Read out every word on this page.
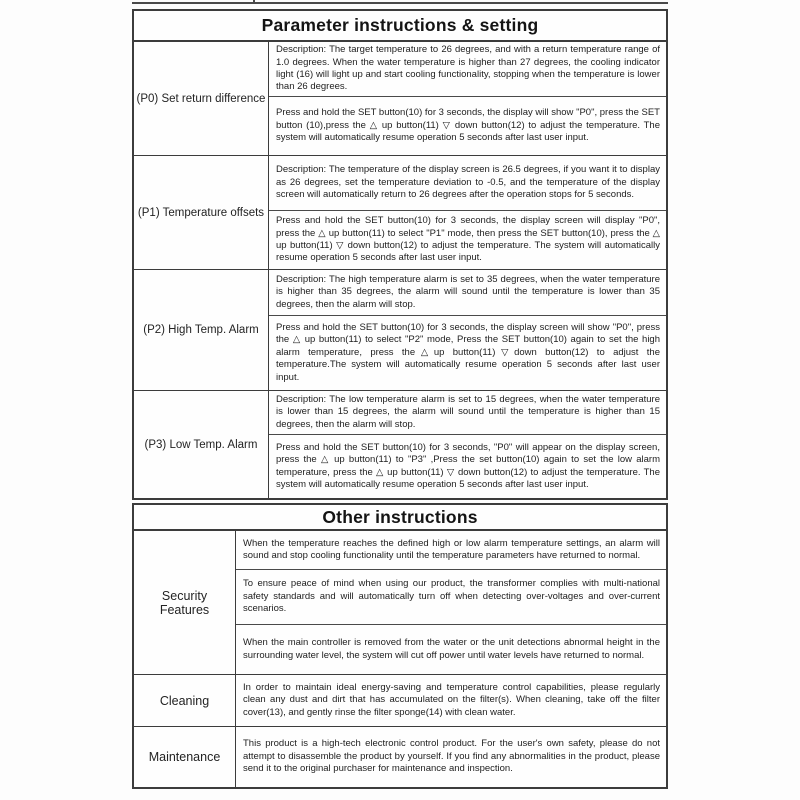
Parameter instructions & setting
(P0) Set return difference

Description: The target temperature to 26 degrees, and with a return temperature range of 1.0 degrees. When the water temperature is higher than 27 degrees, the cooling indicator light (16) will light up and start cooling functionality, stopping when the temperature is lower than 26 degrees.

Press and hold the SET button(10) for 3 seconds, the display will show "P0", press the SET button (10),press the △ up button(11) ▽ down button(12) to adjust the temperature. The system will automatically resume operation 5 seconds after last user input.

(P1) Temperature offsets

Description: The temperature of the display screen is 26.5 degrees, if you want it to display as 26 degrees, set the temperature deviation to -0.5, and the temperature of the display screen will automatically return to 26 degrees after the operation stops for 5 seconds.

Press and hold the SET button(10) for 3 seconds, the display screen will display "P0", press the △ up button(11) to select "P1" mode, then press the SET button(10), press the △ up button(11) ▽ down button(12) to adjust the temperature. The system will automatically resume operation 5 seconds after last user input.

(P2) High Temp. Alarm

Description: The high temperature alarm is set to 35 degrees, when the water temperature is higher than 35 degrees, the alarm will sound until the temperature is lower than 35 degrees, then the alarm will stop.

Press and hold the SET button(10) for 3 seconds, the display screen will show "P0", press the △ up button(11) to select "P2" mode, Press the SET button(10) again to set the high alarm temperature, press the△up button(11)▽down button(12) to adjust the temperature.The system will automatically resume operation 5 seconds after last user input.

(P3) Low Temp. Alarm

Description: The low temperature alarm is set to 15 degrees, when the water temperature is lower than 15 degrees, the alarm will sound until the temperature is higher than 15 degrees, then the alarm will stop.

Press and hold the SET button(10) for 3 seconds, "P0" will appear on the display screen, press the △ up button(11) to "P3" ,Press the set button(10) again to set the low alarm temperature, press the △ up button(11) ▽ down button(12) to adjust the temperature. The system will automatically resume operation 5 seconds after last user input.

Other instructions
Security Features

When the temperature reaches the defined high or low alarm temperature settings, an alarm will sound and stop cooling functionality until the temperature parameters have returned to normal.

To ensure peace of mind when using our product, the transformer complies with multi-national safety standards and will automatically turn off when detecting over-voltages and over-current scenarios.

When the main controller is removed from the water or the unit detections abnormal height in the surrounding water level, the system will cut off power until water levels have returned to normal.

Cleaning

In order to maintain ideal energy-saving and temperature control capabilities, please regularly clean any dust and dirt that has accumulated on the filter(s). When cleaning, take off the filter cover(13), and gently rinse the filter sponge(14) with clean water.

Maintenance

This product is a high-tech electronic control product. For the user's own safety, please do not attempt to disassemble the product by yourself. If you find any abnormalities in the product, please send it to the original purchaser for maintenance and inspection.
